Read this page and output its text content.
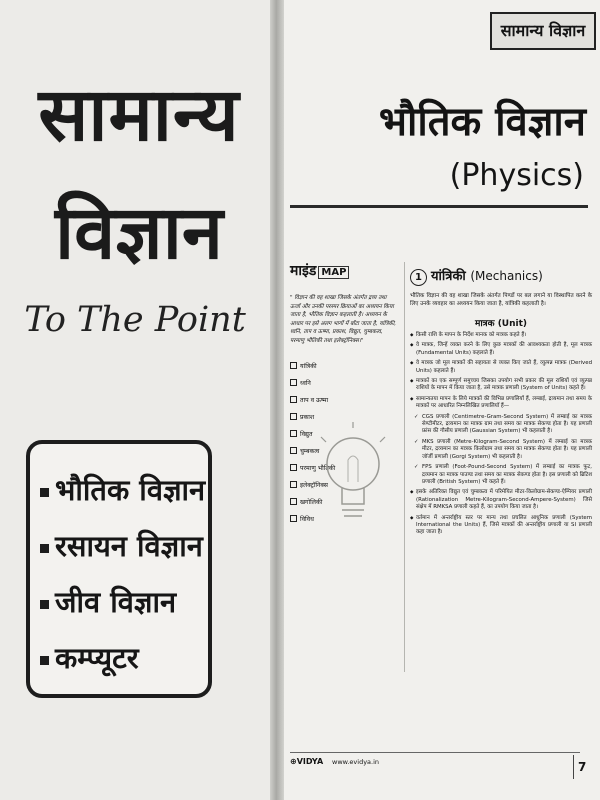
सामान्य
विज्ञान
To The Point
भौतिक विज्ञान
रसायन विज्ञान
जीव विज्ञान
कम्प्यूटर
सामान्य विज्ञान
भौतिक विज्ञान
(Physics)
माइंड MAP
" विज्ञान की वह शाखा जिसके अंतर्गत द्रव्य तथा ऊर्जा और उनकी परस्पर क्रियाओं का अध्ययन किया जाता है, भौतिक विज्ञान कहलाती है। अध्ययन के आधार पर इसे अलग भागों में बाँटा जाता है, यांत्रिकी, ध्वनि, ताप व ऊष्मा, प्रकाश, विद्युत, चुम्बकत्व, परमाणु भौतिकी तथा इलेक्ट्रॉनिक्स।"
यांत्रिकी
ध्वनि
ताप व ऊष्मा
प्रकाश
विद्युत
चुम्बकत्व
परमाणु भौतिकी
इलेक्ट्रॉनिक्स
खगोलिकी
विविध
1 यांत्रिकी (Mechanics)
भौतिक विज्ञान की वह शाखा जिसके अंतर्गत पिण्डों पर बल लगाने या विस्थापित करने के लिए उनके व्यवहार का अध्ययन किया जाता है, यांत्रिकी कहलाती है।
मात्रक (Unit)
◆ किसी राशि के मापन के निर्देश मानक को मात्रक कहते हैं।
◆ वे मात्रक, जिन्हें व्यक्त करने के लिए कुछ मात्रकों की आवश्यकता होती है, मूल मात्रक (Fundamental Units) कहलाते हैं।
◆ वे मात्रक जो मूल मात्रकों की सहायता से व्यक्त किए जाते हैं, व्युत्पन्न मात्रक (Derived Units) कहलाते हैं।
◆ मात्रकों का एक सम्पूर्ण समुच्चय जिसका उपयोग सभी प्रकार की मूल राशियों एवं व्युत्पन्न राशियों के मापन में किया जाता है, उसे मात्रक प्रणाली (System of Units) कहते हैं।
◆ सामान्यतया मापन के लिये मात्रकों की विभिन्न प्रणालियाँ हैं, लम्बाई, द्रव्यमान तथा समय के मात्रकों पर आधारित निम्नलिखित प्रणालियाँ हैं—
✓ CGS प्रणाली (Centimetre-Gram-Second System) में लम्बाई का मात्रक सेण्टीमीटर, द्रव्यमान का मात्रक ग्राम तथा समय का मात्रक सेकण्ड होता है। यह प्रणाली फ्रांस की गौसीय प्रणाली (Gaussian System) भी कहलाती है।
✓ MKS प्रणाली (Metre-Kilogram-Second System) में लम्बाई का मात्रक मीटर, द्रव्यमान का मात्रक किलोग्राम तथा समय का मात्रक सेकण्ड होता है। यह प्रणाली जॉर्जी प्रणाली (Gorgi System) भी कहलाती है।
✓ FPS प्रणाली (Foot-Pound-Second System) में लम्बाई का मात्रक फुट, द्रव्यमान का मात्रक पाउण्ड तथा समय का मात्रक सेकण्ड होता है। इस प्रणाली को ब्रिटिश प्रणाली (British System) भी कहते हैं।
◆ इसके अतिरिक्त विद्युत एवं चुम्बकत्व में परिमेयित मीटर-किलोग्राम-सेकण्ड-ऐम्पियर प्रणाली (Rationalization Metre-Kilogram-Second-Ampere-System) जिसे संक्षेप में RMKSA प्रणाली कहते हैं, का उपयोग किया जाता है।
◆ वर्तमान में अन्तर्राष्ट्रीय स्तर पर मान्य तथा प्रचलित आधुनिक प्रणाली (System International the Units) हैं, जिसे मात्रकों की अन्तर्राष्ट्रीय प्रणाली या SI प्रणाली कहा जाता है।
⊕VIDYA www.evidya.in	7
